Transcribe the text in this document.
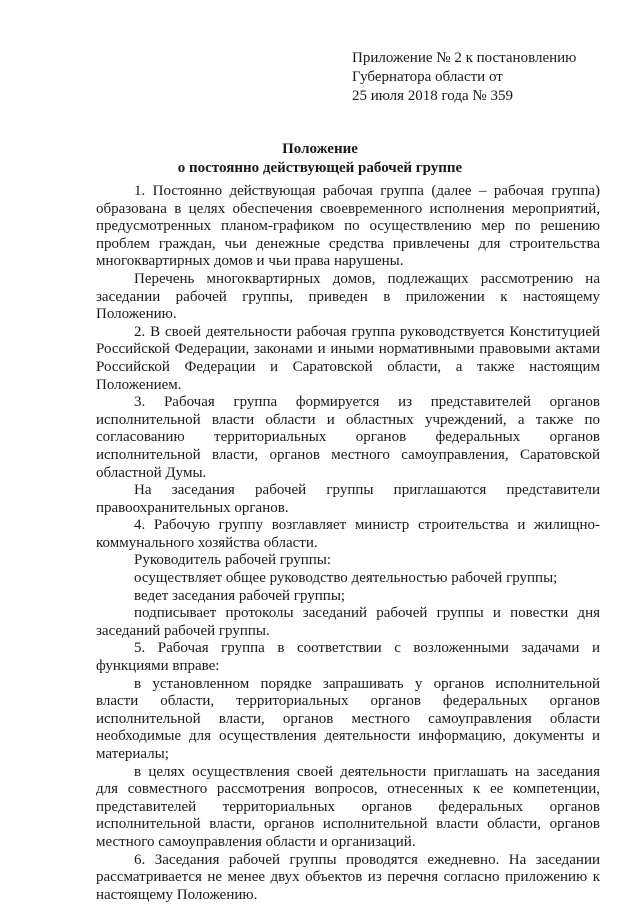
Приложение № 2 к постановлению
Губернатора области от
25 июля 2018 года № 359
Положение
о постоянно действующей рабочей группе

1. Постоянно действующая рабочая группа (далее – рабочая группа) образована в целях обеспечения своевременного исполнения мероприятий, предусмотренных планом-графиком по осуществлению мер по решению проблем граждан, чьи денежные средства привлечены для строительства многоквартирных домов и чьи права нарушены.

Перечень многоквартирных домов, подлежащих рассмотрению на заседании рабочей группы, приведен в приложении к настоящему Положению.

2. В своей деятельности рабочая группа руководствуется Конституцией Российской Федерации, законами и иными нормативными правовыми актами Российской Федерации и Саратовской области, а также настоящим Положением.

3. Рабочая группа формируется из представителей органов исполнительной власти области и областных учреждений, а также по согласованию территориальных органов федеральных органов исполнительной власти, органов местного самоуправления, Саратовской областной Думы.

На заседания рабочей группы приглашаются представители правоохранительных органов.

4. Рабочую группу возглавляет министр строительства и жилищно-коммунального хозяйства области.

Руководитель рабочей группы:

осуществляет общее руководство деятельностью рабочей группы;

ведет заседания рабочей группы;

подписывает протоколы заседаний рабочей группы и повестки дня заседаний рабочей группы.

5. Рабочая группа в соответствии с возложенными задачами и функциями вправе:

в установленном порядке запрашивать у органов исполнительной власти области, территориальных органов федеральных органов исполнительной власти, органов местного самоуправления области необходимые для осуществления деятельности информацию, документы и материалы;

в целях осуществления своей деятельности приглашать на заседания для совместного рассмотрения вопросов, отнесенных к ее компетенции, представителей территориальных органов федеральных органов исполнительной власти, органов исполнительной власти области, органов местного самоуправления области и организаций.

6. Заседания рабочей группы проводятся ежедневно. На заседании рассматривается не менее двух объектов из перечня согласно приложению к настоящему Положению.
